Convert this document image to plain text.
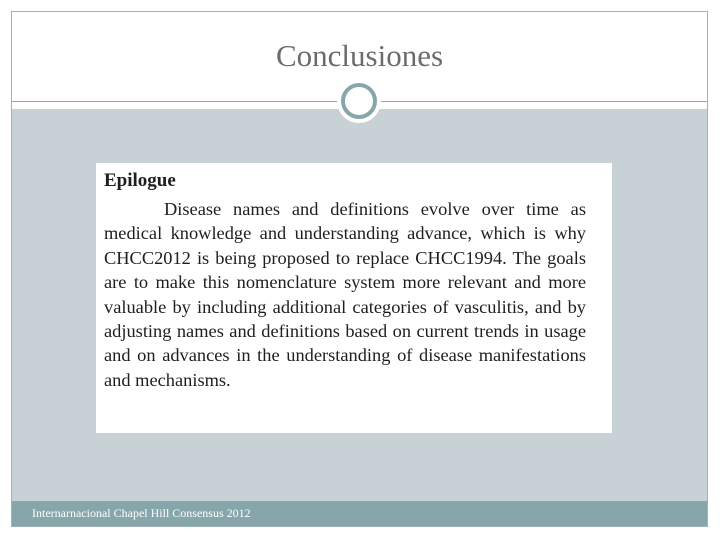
Conclusiones
Epilogue

Disease names and definitions evolve over time as medical knowledge and understanding advance, which is why CHCC2012 is being proposed to replace CHCC1994. The goals are to make this nomenclature system more relevant and more valuable by including additional categories of vasculitis, and by adjusting names and definitions based on current trends in usage and on advances in the understanding of disease manifestations and mechanisms.

Internarnacional Chapel Hill Consensus 2012
